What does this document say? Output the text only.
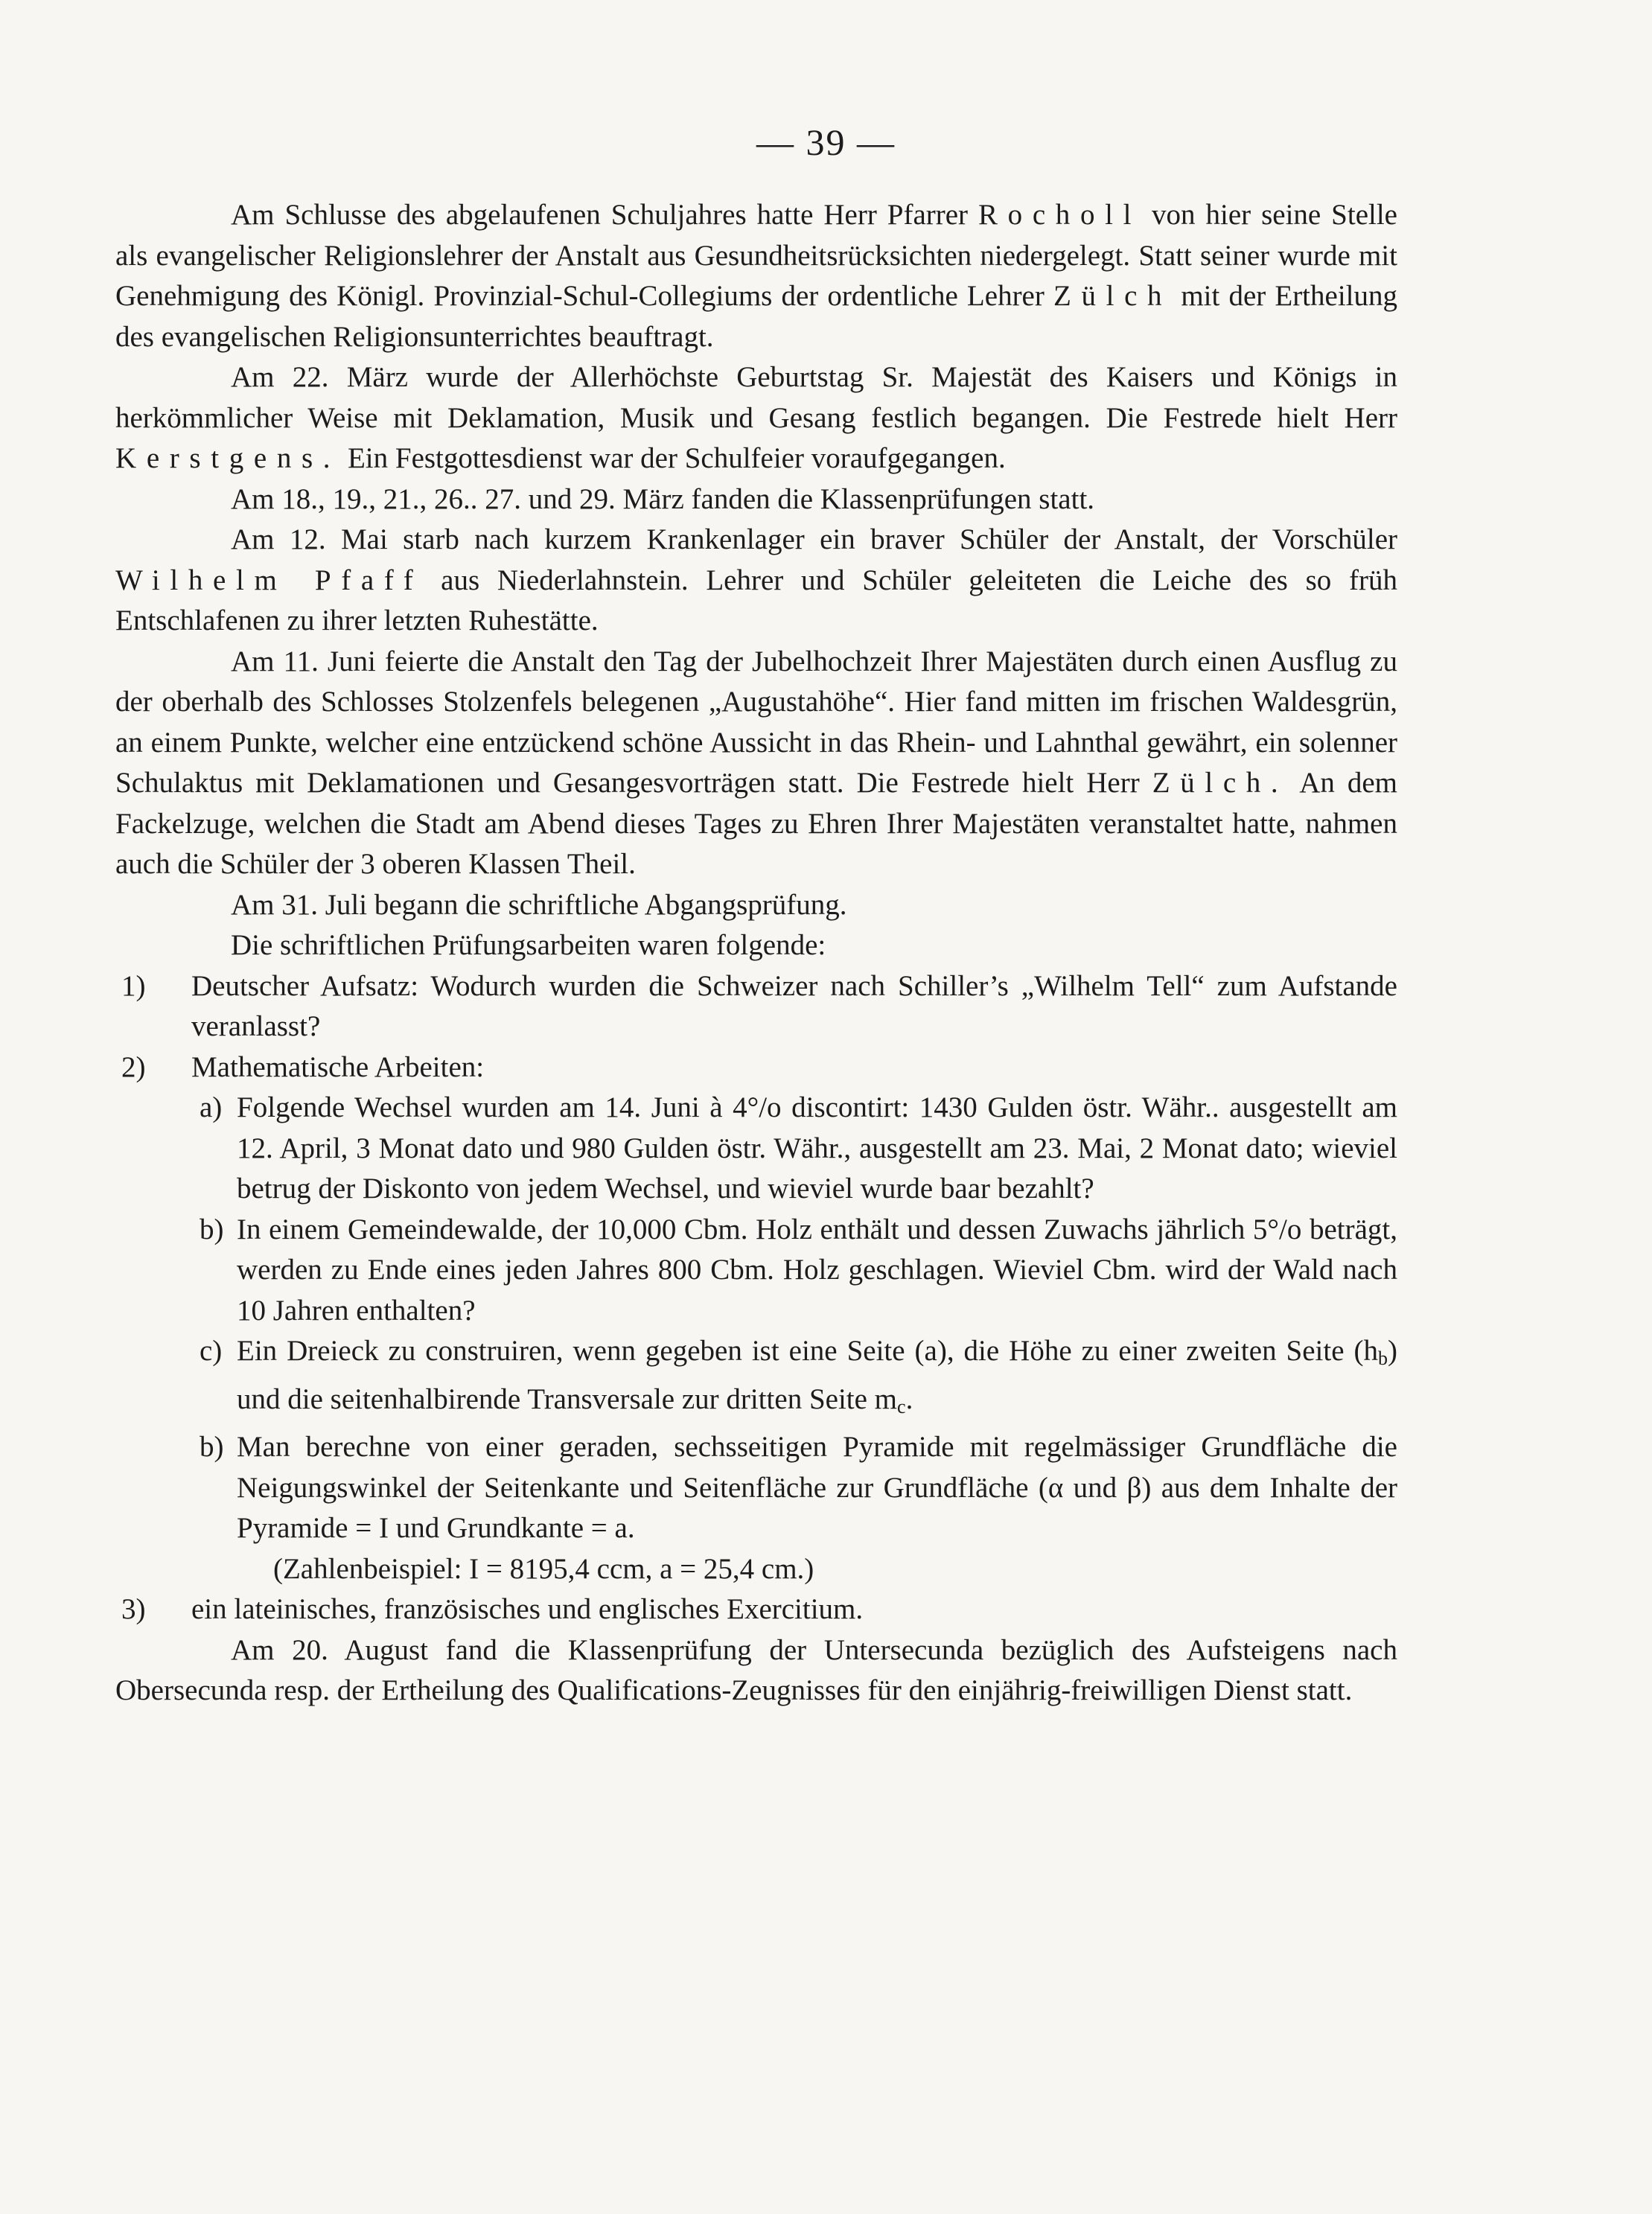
— 39 —

Am Schlusse des abgelaufenen Schuljahres hatte Herr Pfarrer Rocholl von hier seine Stelle als evangelischer Religionslehrer der Anstalt aus Gesundheitsrücksichten niedergelegt. Statt seiner wurde mit Genehmigung des Königl. Provinzial-Schul-Collegiums der ordentliche Lehrer Zülch mit der Ertheilung des evangelischen Religionsunterrichtes beauftragt.

Am 22. März wurde der Allerhöchste Geburtstag Sr. Majestät des Kaisers und Königs in herkömmlicher Weise mit Deklamation, Musik und Gesang festlich begangen. Die Festrede hielt Herr Kerstgens. Ein Festgottesdienst war der Schulfeier voraufgegangen.

Am 18., 19., 21., 26.. 27. und 29. März fanden die Klassenprüfungen statt.

Am 12. Mai starb nach kurzem Krankenlager ein braver Schüler der Anstalt, der Vorschüler Wilhelm Pfaff aus Niederlahnstein. Lehrer und Schüler geleiteten die Leiche des so früh Entschlafenen zu ihrer letzten Ruhestätte.

Am 11. Juni feierte die Anstalt den Tag der Jubelhochzeit Ihrer Majestäten durch einen Ausflug zu der oberhalb des Schlosses Stolzenfels belegenen „Augustahöhe“. Hier fand mitten im frischen Waldesgrün, an einem Punkte, welcher eine entzückend schöne Aussicht in das Rhein- und Lahnthal gewährt, ein solenner Schulaktus mit Deklamationen und Gesangesvorträgen statt. Die Festrede hielt Herr Zülch. An dem Fackelzuge, welchen die Stadt am Abend dieses Tages zu Ehren Ihrer Majestäten veranstaltet hatte, nahmen auch die Schüler der 3 oberen Klassen Theil.

Am 31. Juli begann die schriftliche Abgangsprüfung.

Die schriftlichen Prüfungsarbeiten waren folgende:

1) Deutscher Aufsatz: Wodurch wurden die Schweizer nach Schiller’s „Wilhelm Tell“ zum Aufstande veranlasst?

2) Mathematische Arbeiten:

a) Folgende Wechsel wurden am 14. Juni à 4°/o discontirt: 1430 Gulden östr. Währ.. ausgestellt am 12. April, 3 Monat dato und 980 Gulden östr. Währ., ausgestellt am 23. Mai, 2 Monat dato; wieviel betrug der Diskonto von jedem Wechsel, und wieviel wurde baar bezahlt?

b) In einem Gemeindewalde, der 10,000 Cbm. Holz enthält und dessen Zuwachs jährlich 5°/o beträgt, werden zu Ende eines jeden Jahres 800 Cbm. Holz geschlagen. Wieviel Cbm. wird der Wald nach 10 Jahren enthalten?

c) Ein Dreieck zu construiren, wenn gegeben ist eine Seite (a), die Höhe zu einer zweiten Seite $(h_b)$ und die seitenhalbirende Transversale zur dritten Seite $m_c$.

b) Man berechne von einer geraden, sechsseitigen Pyramide mit regelmässiger Grundfläche die Neigungswinkel der Seitenkante und Seitenfläche zur Grundfläche (α und β) aus dem Inhalte der Pyramide = I und Grundkante = a.

(Zahlenbeispiel: I = 8195,4 ccm, a = 25,4 cm.)

3) ein lateinisches, französisches und englisches Exercitium.

Am 20. August fand die Klassenprüfung der Untersecunda bezüglich des Aufsteigens nach Obersecunda resp. der Ertheilung des Qualifications-Zeugnisses für den einjährig-freiwilligen Dienst statt.
